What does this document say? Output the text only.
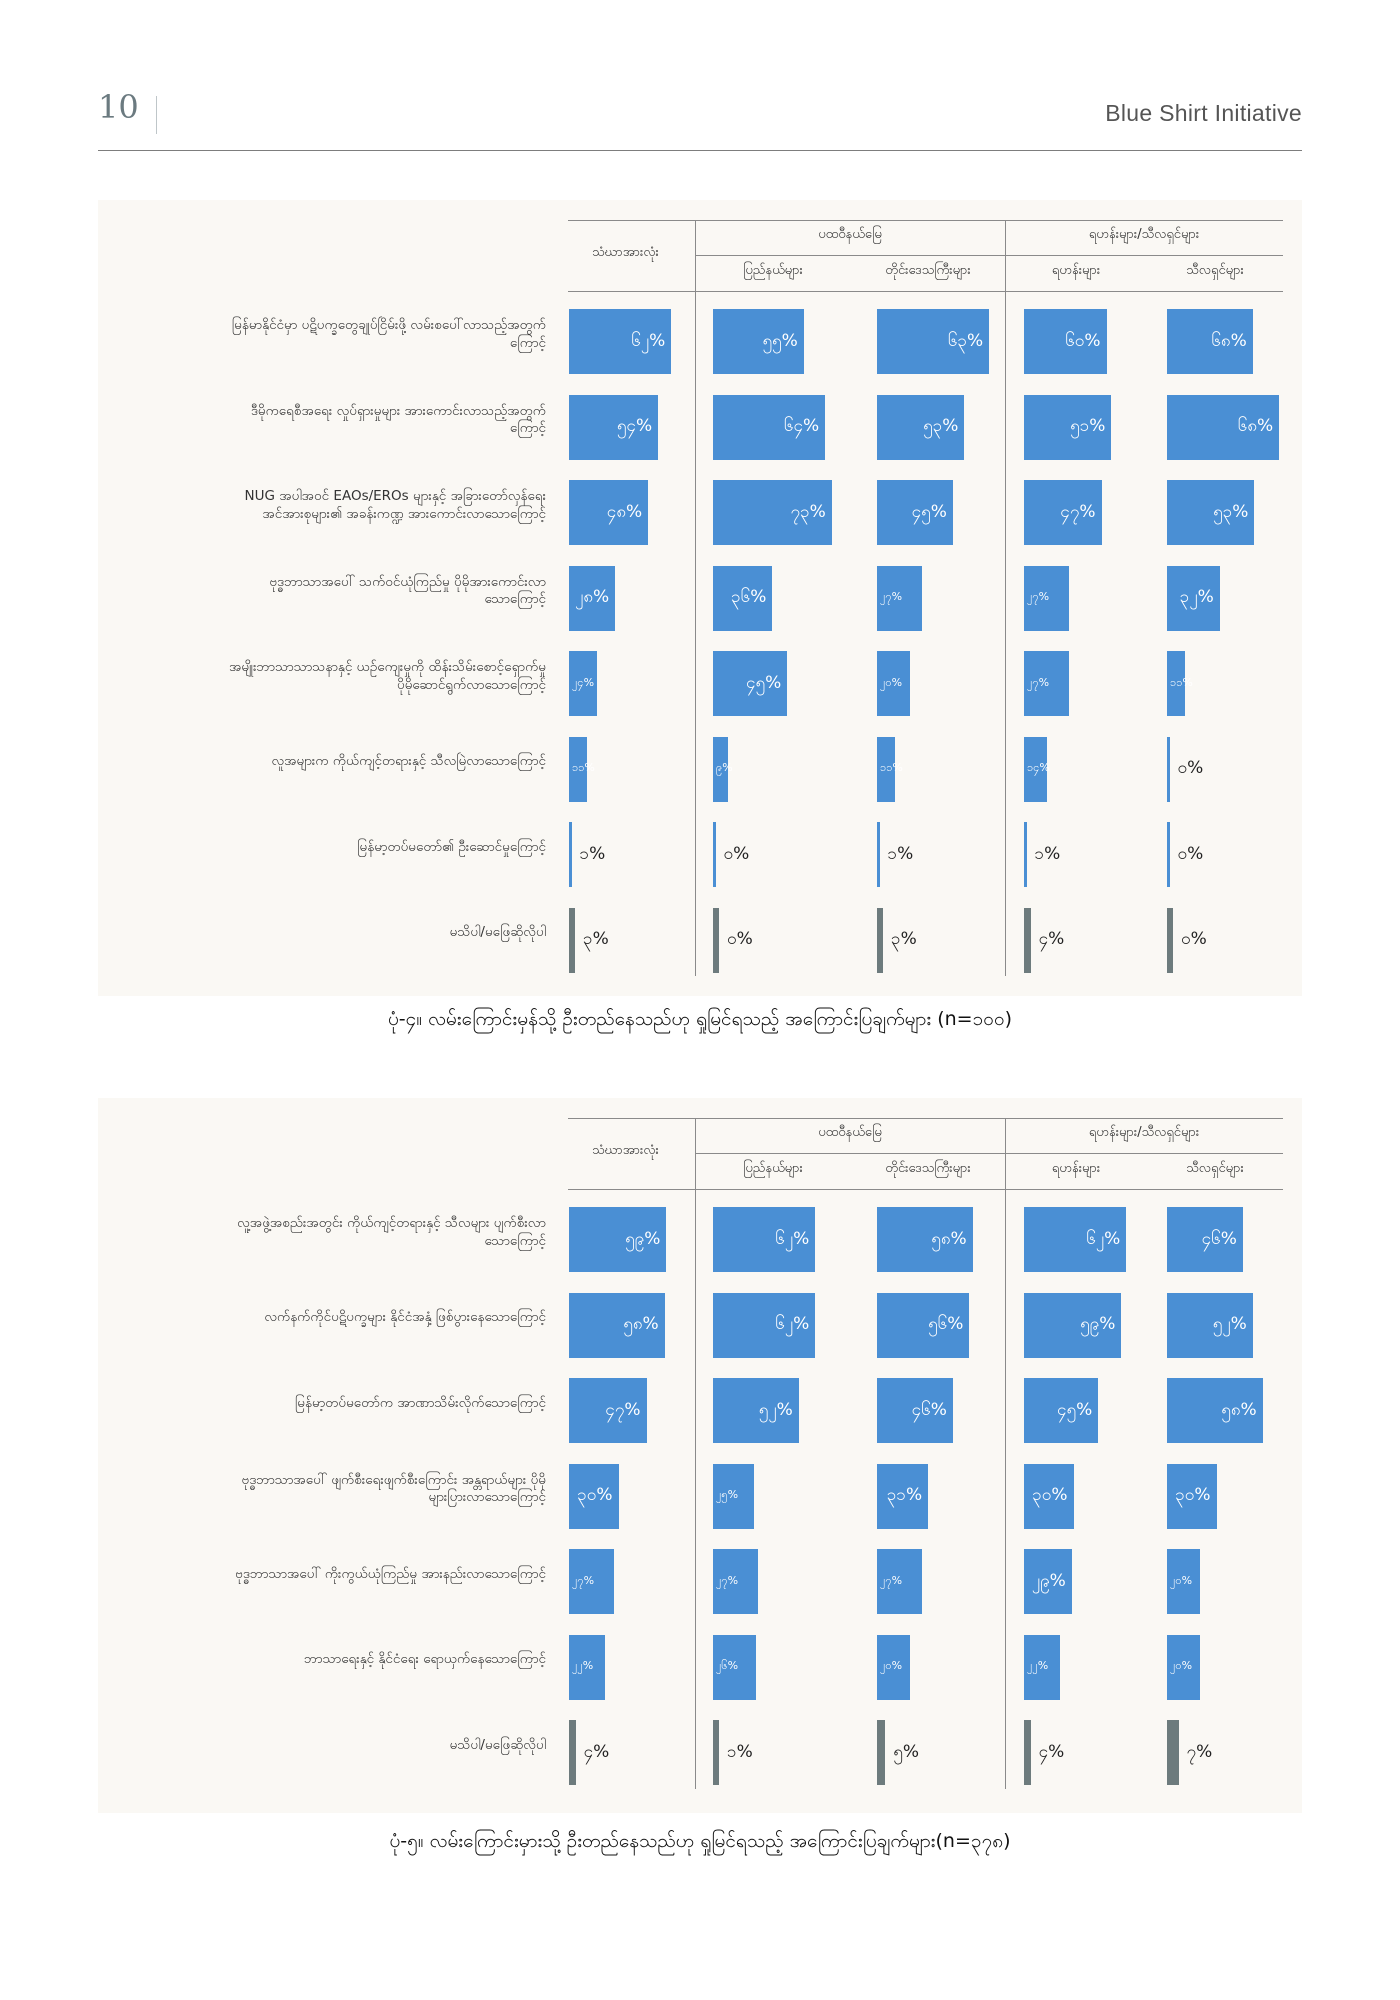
10	Blue Shirt Initiative
သံဃာအားလုံး
ပထဝီနယ်မြေ	ရဟန်းများ/သီလရှင်များ
ပြည်နယ်များ	တိုင်းဒေသကြီးများ	ရဟန်းများ	သီလရှင်များ
မြန်မာနိုင်ငံမှာ ပဋိပက္ခတွေချုပ်ငြိမ်းဖို့ လမ်းစပေါ်လာသည့်အတွက်ကြောင့်	၆၂%	၅၅%	၆၃%	၆၀%	၆၈%
ဒီမိုကရေစီအရေး လှုပ်ရှားမှုများ အားကောင်းလာသည့်အတွက်ကြောင့်	၅၄%	၆၄%	၅၃%	၅၁%	၆၈%
NUG အပါအဝင် EAOs/EROs များနှင့် အခြားတော်လှန်ရေးအင်အားစုများ၏ အခန်းကဏ္ဍ အားကောင်းလာသောကြောင့်	၄၈%	၇၃%	၄၅%	၄၇%	၅၃%
ဗုဒ္ဓဘာသာအပေါ် သက်ဝင်ယုံကြည်မှု ပိုမိုအားကောင်းလာသောကြောင့်	၂၈%	၃၆%	၂၇%	၂၇%	၃၂%
အမျိုးဘာသာသာသနာနှင့် ယဉ်ကျေးမှုကို ထိန်းသိမ်းစောင့်ရှောက်မှု ပိုမိုဆောင်ရွက်လာသောကြောင့် ၂၄%	၄၅%	၂၀%	၂၇%	၁၁%
လူအများက ကိုယ်ကျင့်တရားနှင့် သီလမြဲလာသောကြောင့် ၁၁%	၉%	၁၁%	၁၄%	၀%
မြန်မာ့တပ်မတော်၏ ဦးဆောင်မှုကြောင့် ၁%	၀%	၁%	၁%	၀%
မသိပါ/မဖြေဆိုလိုပါ ၃%	၀%	၃%	၄%	၀%
ပုံ-၄။ လမ်းကြောင်းမှန်သို့ ဦးတည်နေသည်ဟု ရှုမြင်ရသည့် အကြောင်းပြချက်များ (n=၁၀၀)
သံဃာအားလုံး
ပထဝီနယ်မြေ	ရဟန်းများ/သီလရှင်များ
ပြည်နယ်များ	တိုင်းဒေသကြီးများ	ရဟန်းများ	သီလရှင်များ
လူ့အဖွဲ့အစည်းအတွင်း ကိုယ်ကျင့်တရားနှင့် သီလများ ပျက်စီးလာသောကြောင့်	၅၉%	၆၂%	၅၈%	၆၂%	၄၆%
လက်နက်ကိုင်ပဋိပက္ခများ နိုင်ငံအနှံ့ ဖြစ်ပွားနေသောကြောင့်	၅၈%	၆၂%	၅၆%	၅၉%	၅၂%
မြန်မာ့တပ်မတော်က အာဏာသိမ်းလိုက်သောကြောင့်	၄၇%	၅၂%	၄၆%	၄၅%	၅၈%
ဗုဒ္ဓဘာသာအပေါ် ဖျက်စီးရေးဖျက်စီးကြောင်း အန္တရာယ်များ ပိုမိုများပြားလာသောကြောင့်	၃၀%	၂၅%	၃၁%	၃၀%	၃၀%
ဗုဒ္ဓဘာသာအပေါ် ကိုးကွယ်ယုံကြည်မှု အားနည်းလာသောကြောင့် ၂၇%	၂၇%	၂၇%	၂၉%	၂၀%
ဘာသာရေးနှင့် နိုင်ငံရေး ရောယှက်နေသောကြောင့် ၂၂%	၂၆%	၂၀%	၂၂%	၂၀%
မသိပါ/မဖြေဆိုလိုပါ ၄%	၁%	၅%	၄%	၇%
ပုံ-၅။ လမ်းကြောင်းမှားသို့ ဦးတည်နေသည်ဟု ရှုမြင်ရသည့် အကြောင်းပြချက်များ(n=၃၇၈)
